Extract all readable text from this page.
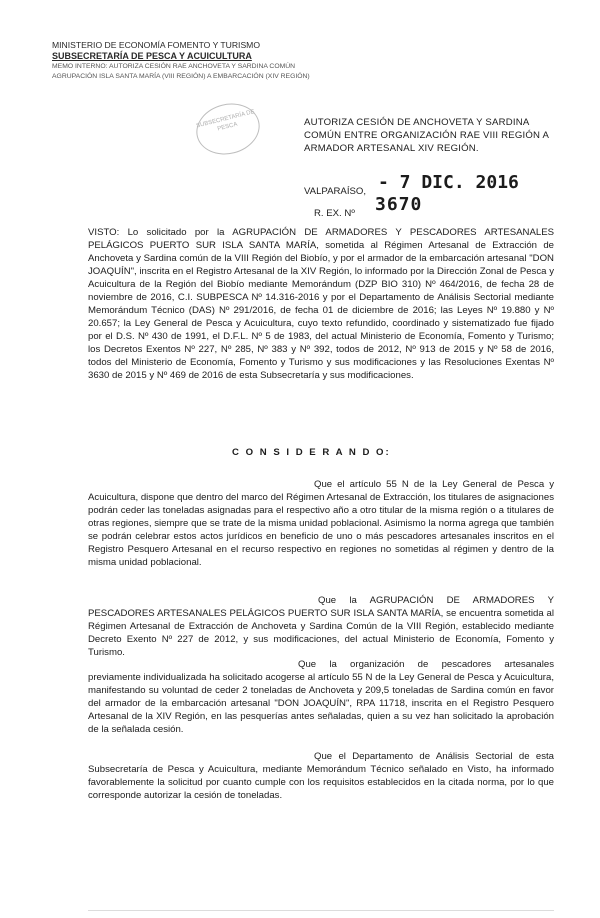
MINISTERIO DE ECONOMÍA FOMENTO Y TURISMO
SUBSECRETARÍA DE PESCA Y ACUICULTURA
MEMO INTERNO: AUTORIZA CESIÓN RAE ANCHOVETA Y SARDINA COMÚN
AGRUPACIÓN ISLA SANTA MARÍA (VIII REGIÓN) A EMBARCACIÓN (XIV REGIÓN)
SUBSECRETARÍA DE PESCA	AUTORIZA CESIÓN DE ANCHOVETA Y SARDINA COMÚN ENTRE ORGANIZACIÓN RAE VIII REGIÓN A ARMADOR ARTESANAL XIV REGIÓN.
- 7 DIC. 2016
VALPARAÍSO,
3670
R. EX. Nº
VISTO: Lo solicitado por la AGRUPACIÓN DE ARMADORES Y PESCADORES ARTESANALES PELÁGICOS PUERTO SUR ISLA SANTA MARÍA, sometida al Régimen Artesanal de Extracción de Anchoveta y Sardina común de la VIII Región del Biobío, y por el armador de la embarcación artesanal "DON JOAQUÍN", inscrita en el Registro Artesanal de la XIV Región, lo informado por la Dirección Zonal de Pesca y Acuicultura de la Región del Biobío mediante Memorándum (DZP BIO 310) Nº 464/2016, de fecha 28 de noviembre de 2016, C.I. SUBPESCA Nº 14.316-2016 y por el Departamento de Análisis Sectorial mediante Memorándum Técnico (DAS) Nº 291/2016, de fecha 01 de diciembre de 2016; las Leyes Nº 19.880 y Nº 20.657; la Ley General de Pesca y Acuicultura, cuyo texto refundido, coordinado y sistematizado fue fijado por el D.S. Nº 430 de 1991, el D.F.L. Nº 5 de 1983, del actual Ministerio de Economía, Fomento y Turismo; los Decretos Exentos Nº 227, Nº 285, Nº 383 y Nº 392, todos de 2012, Nº 913 de 2015 y Nº 58 de 2016, todos del Ministerio de Economía, Fomento y Turismo y sus modificaciones y las Resoluciones Exentas Nº 3630 de 2015 y Nº 469 de 2016 de esta Subsecretaría y sus modificaciones.
C O N S I D E R A N D O:
Que el artículo 55 N de la Ley General de Pesca y Acuicultura, dispone que dentro del marco del Régimen Artesanal de Extracción, los titulares de asignaciones podrán ceder las toneladas asignadas para el respectivo año a otro titular de la misma región o a titulares de otras regiones, siempre que se trate de la misma unidad poblacional. Asimismo la norma agrega que también se podrán celebrar estos actos jurídicos en beneficio de uno o más pescadores artesanales inscritos en el Registro Pesquero Artesanal en el recurso respectivo en regiones no sometidas al régimen y dentro de la misma unidad poblacional.
Que la AGRUPACIÓN DE ARMADORES Y PESCADORES ARTESANALES PELÁGICOS PUERTO SUR ISLA SANTA MARÍA, se encuentra sometida al Régimen Artesanal de Extracción de Anchoveta y Sardina Común de la VIII Región, establecido mediante Decreto Exento Nº 227 de 2012, y sus modificaciones, del actual Ministerio de Economía, Fomento y Turismo.
Que la organización de pescadores artesanales previamente individualizada ha solicitado acogerse al artículo 55 N de la Ley General de Pesca y Acuicultura, manifestando su voluntad de ceder 2 toneladas de Anchoveta y 209,5 toneladas de Sardina común en favor del armador de la embarcación artesanal "DON JOAQUÍN", RPA 11718, inscrita en el Registro Pesquero Artesanal de la XIV Región, en las pesquerías antes señaladas, quien a su vez han solicitado la aprobación de la señalada cesión.
Que el Departamento de Análisis Sectorial de esta Subsecretaría de Pesca y Acuicultura, mediante Memorándum Técnico señalado en Visto, ha informado favorablemente la solicitud por cuanto cumple con los requisitos establecidos en la citada norma, por lo que corresponde autorizar la cesión de toneladas.
